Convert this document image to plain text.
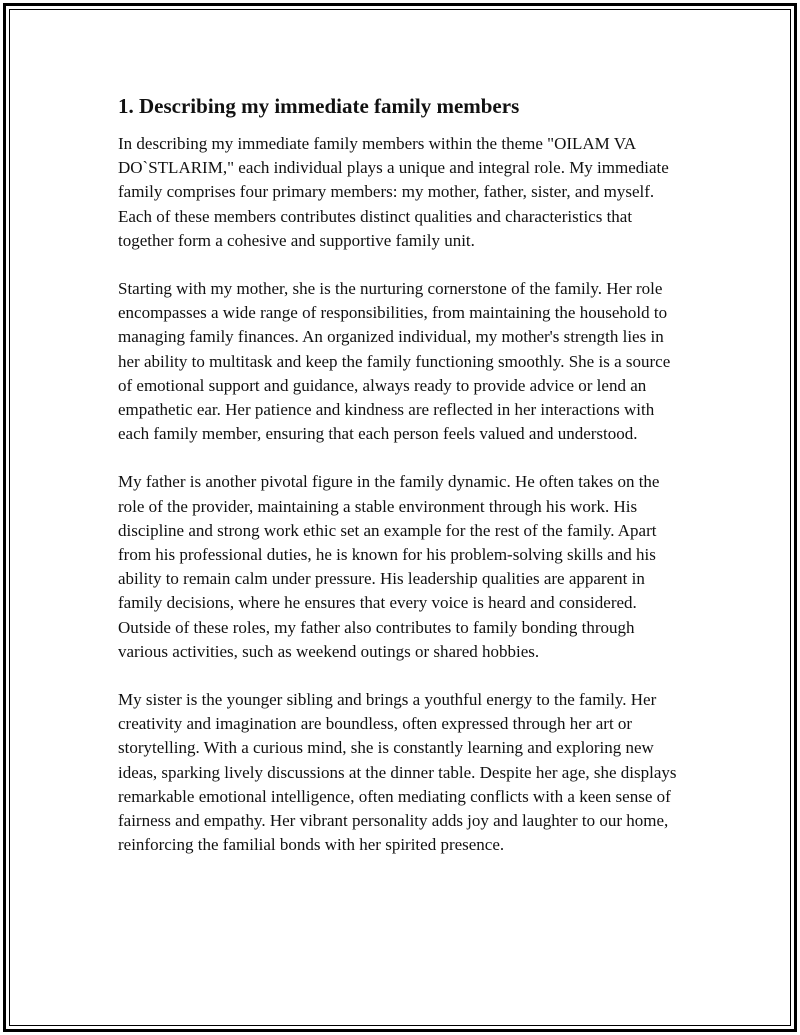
1. Describing my immediate family members

In describing my immediate family members within the theme "OILAM VA DO`STLARIM," each individual plays a unique and integral role. My immediate family comprises four primary members: my mother, father, sister, and myself. Each of these members contributes distinct qualities and characteristics that together form a cohesive and supportive family unit.

Starting with my mother, she is the nurturing cornerstone of the family. Her role encompasses a wide range of responsibilities, from maintaining the household to managing family finances. An organized individual, my mother's strength lies in her ability to multitask and keep the family functioning smoothly. She is a source of emotional support and guidance, always ready to provide advice or lend an empathetic ear. Her patience and kindness are reflected in her interactions with each family member, ensuring that each person feels valued and understood.

My father is another pivotal figure in the family dynamic. He often takes on the role of the provider, maintaining a stable environment through his work. His discipline and strong work ethic set an example for the rest of the family. Apart from his professional duties, he is known for his problem-solving skills and his ability to remain calm under pressure. His leadership qualities are apparent in family decisions, where he ensures that every voice is heard and considered. Outside of these roles, my father also contributes to family bonding through various activities, such as weekend outings or shared hobbies.

My sister is the younger sibling and brings a youthful energy to the family. Her creativity and imagination are boundless, often expressed through her art or storytelling. With a curious mind, she is constantly learning and exploring new ideas, sparking lively discussions at the dinner table. Despite her age, she displays remarkable emotional intelligence, often mediating conflicts with a keen sense of fairness and empathy. Her vibrant personality adds joy and laughter to our home, reinforcing the familial bonds with her spirited presence.
